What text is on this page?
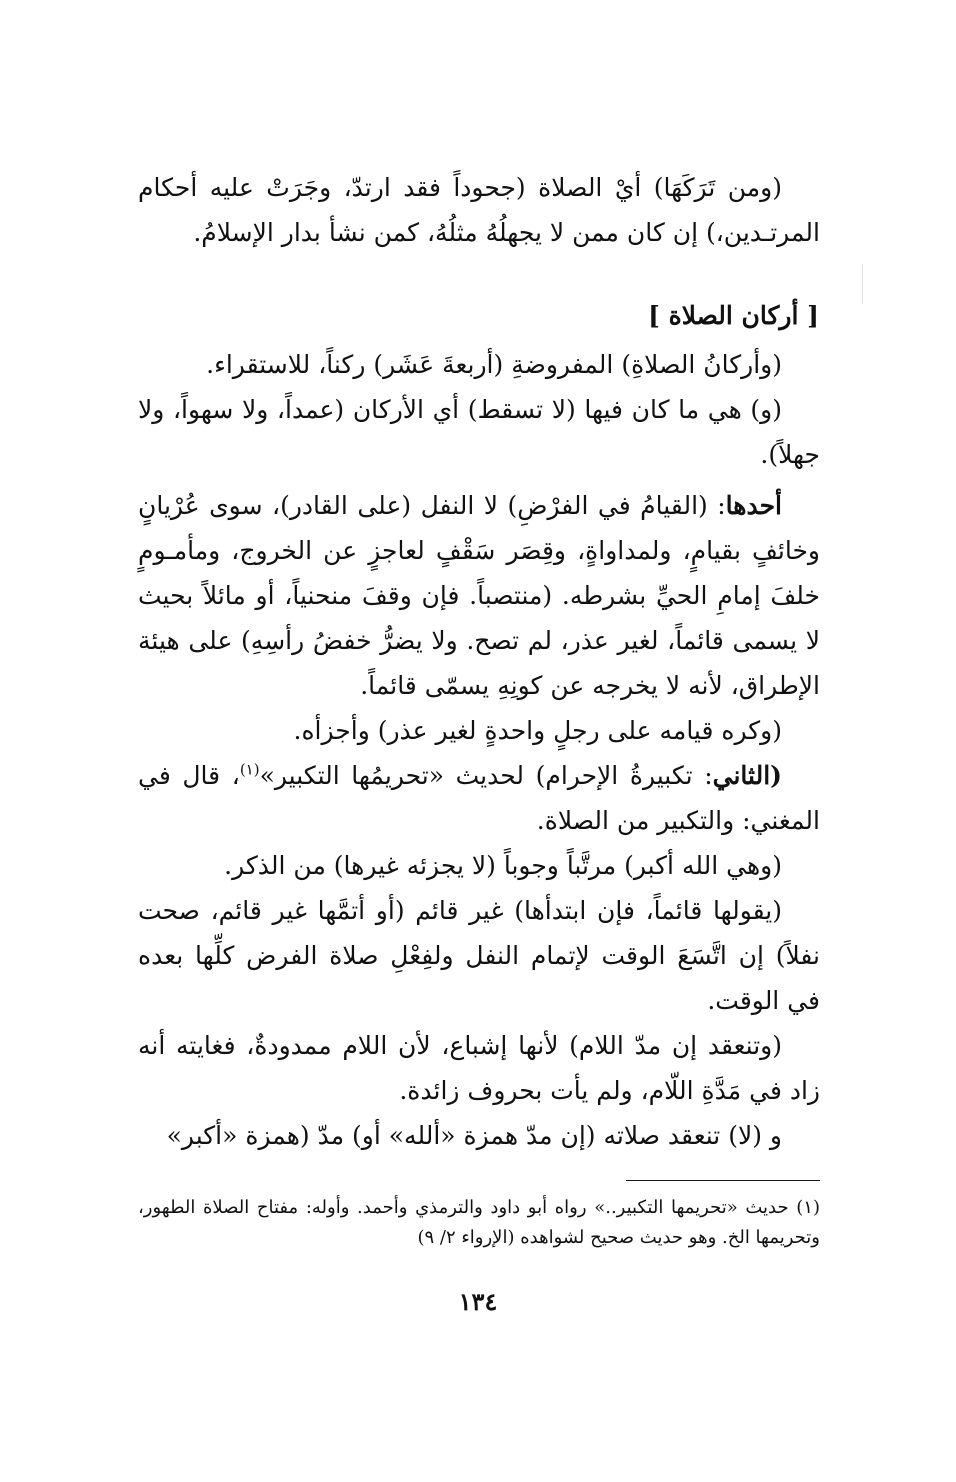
(ومن تَرَكَهَا) أيْ الصلاة (جحوداً فقد ارتدّ، وجَرَتْ عليه أحكام المرتـدين،) إن كان ممن لا يجهلُهُ مثلُهُ، كمن نشأ بدار الإسلامُ.

[ أركان الصلاة ]

(وأركانُ الصلاةِ) المفروضةِ (أربعةَ عَشَر) ركناً، للاستقراء.

(و) هي ما كان فيها (لا تسقط) أي الأركان (عمداً، ولا سهواً، ولا جهلاً).

أحدها: (القيامُ في الفرْضِ) لا النفل (على القادر)، سوى عُرْيانٍ وخائفٍ بقيامٍ، ولمداواةٍ، وقِصَر سَقْفٍ لعاجزٍ عن الخروج، ومأمـومٍ خلفَ إمامِ الحيِّ بشرطه. (منتصباً. فإن وقفَ منحنياً، أو مائلاً بحيث لا يسمى قائماً، لغير عذر، لم تصح. ولا يضرُّ خفضُ رأسِهِ) على هيئة الإطراق، لأنه لا يخرجه عن كونِهِ يسمّى قائماً.

(وكره قيامه على رجلٍ واحدةٍ لغير عذر) وأجزأه.

(الثاني: تكبيرةُ الإحرام) لحديث «تحريمُها التكبير»$^{(١)}$، قال في المغني: والتكبير من الصلاة.

(وهي الله أكبر) مرتَّباً وجوباً (لا يجزئه غيرها) من الذكر.

(يقولها قائماً، فإن ابتدأها) غير قائم (أو أتمَّها غير قائم، صحت نفلاً) إن اتَّسَعَ الوقت لإتمام النفل ولفِعْلِ صلاة الفرض كلِّها بعده في الوقت.

(وتنعقد إن مدّ اللام) لأنها إشباع، لأن اللام ممدودةٌ، فغايته أنه زاد في مَدَّةِ اللّام، ولم يأت بحروف زائدة.

و (لا) تنعقد صلاته (إن مدّ همزة «ألله» أو) مدّ (همزة «أكبر»

(١) حديث «تحريمها التكبير..» رواه أبو داود والترمذي وأحمد. وأوله: مفتاح الصلاة الطهور، وتحريمها الخ. وهو حديث صحيح لشواهده (الإرواء ٢/ ٩)

١٣٤
